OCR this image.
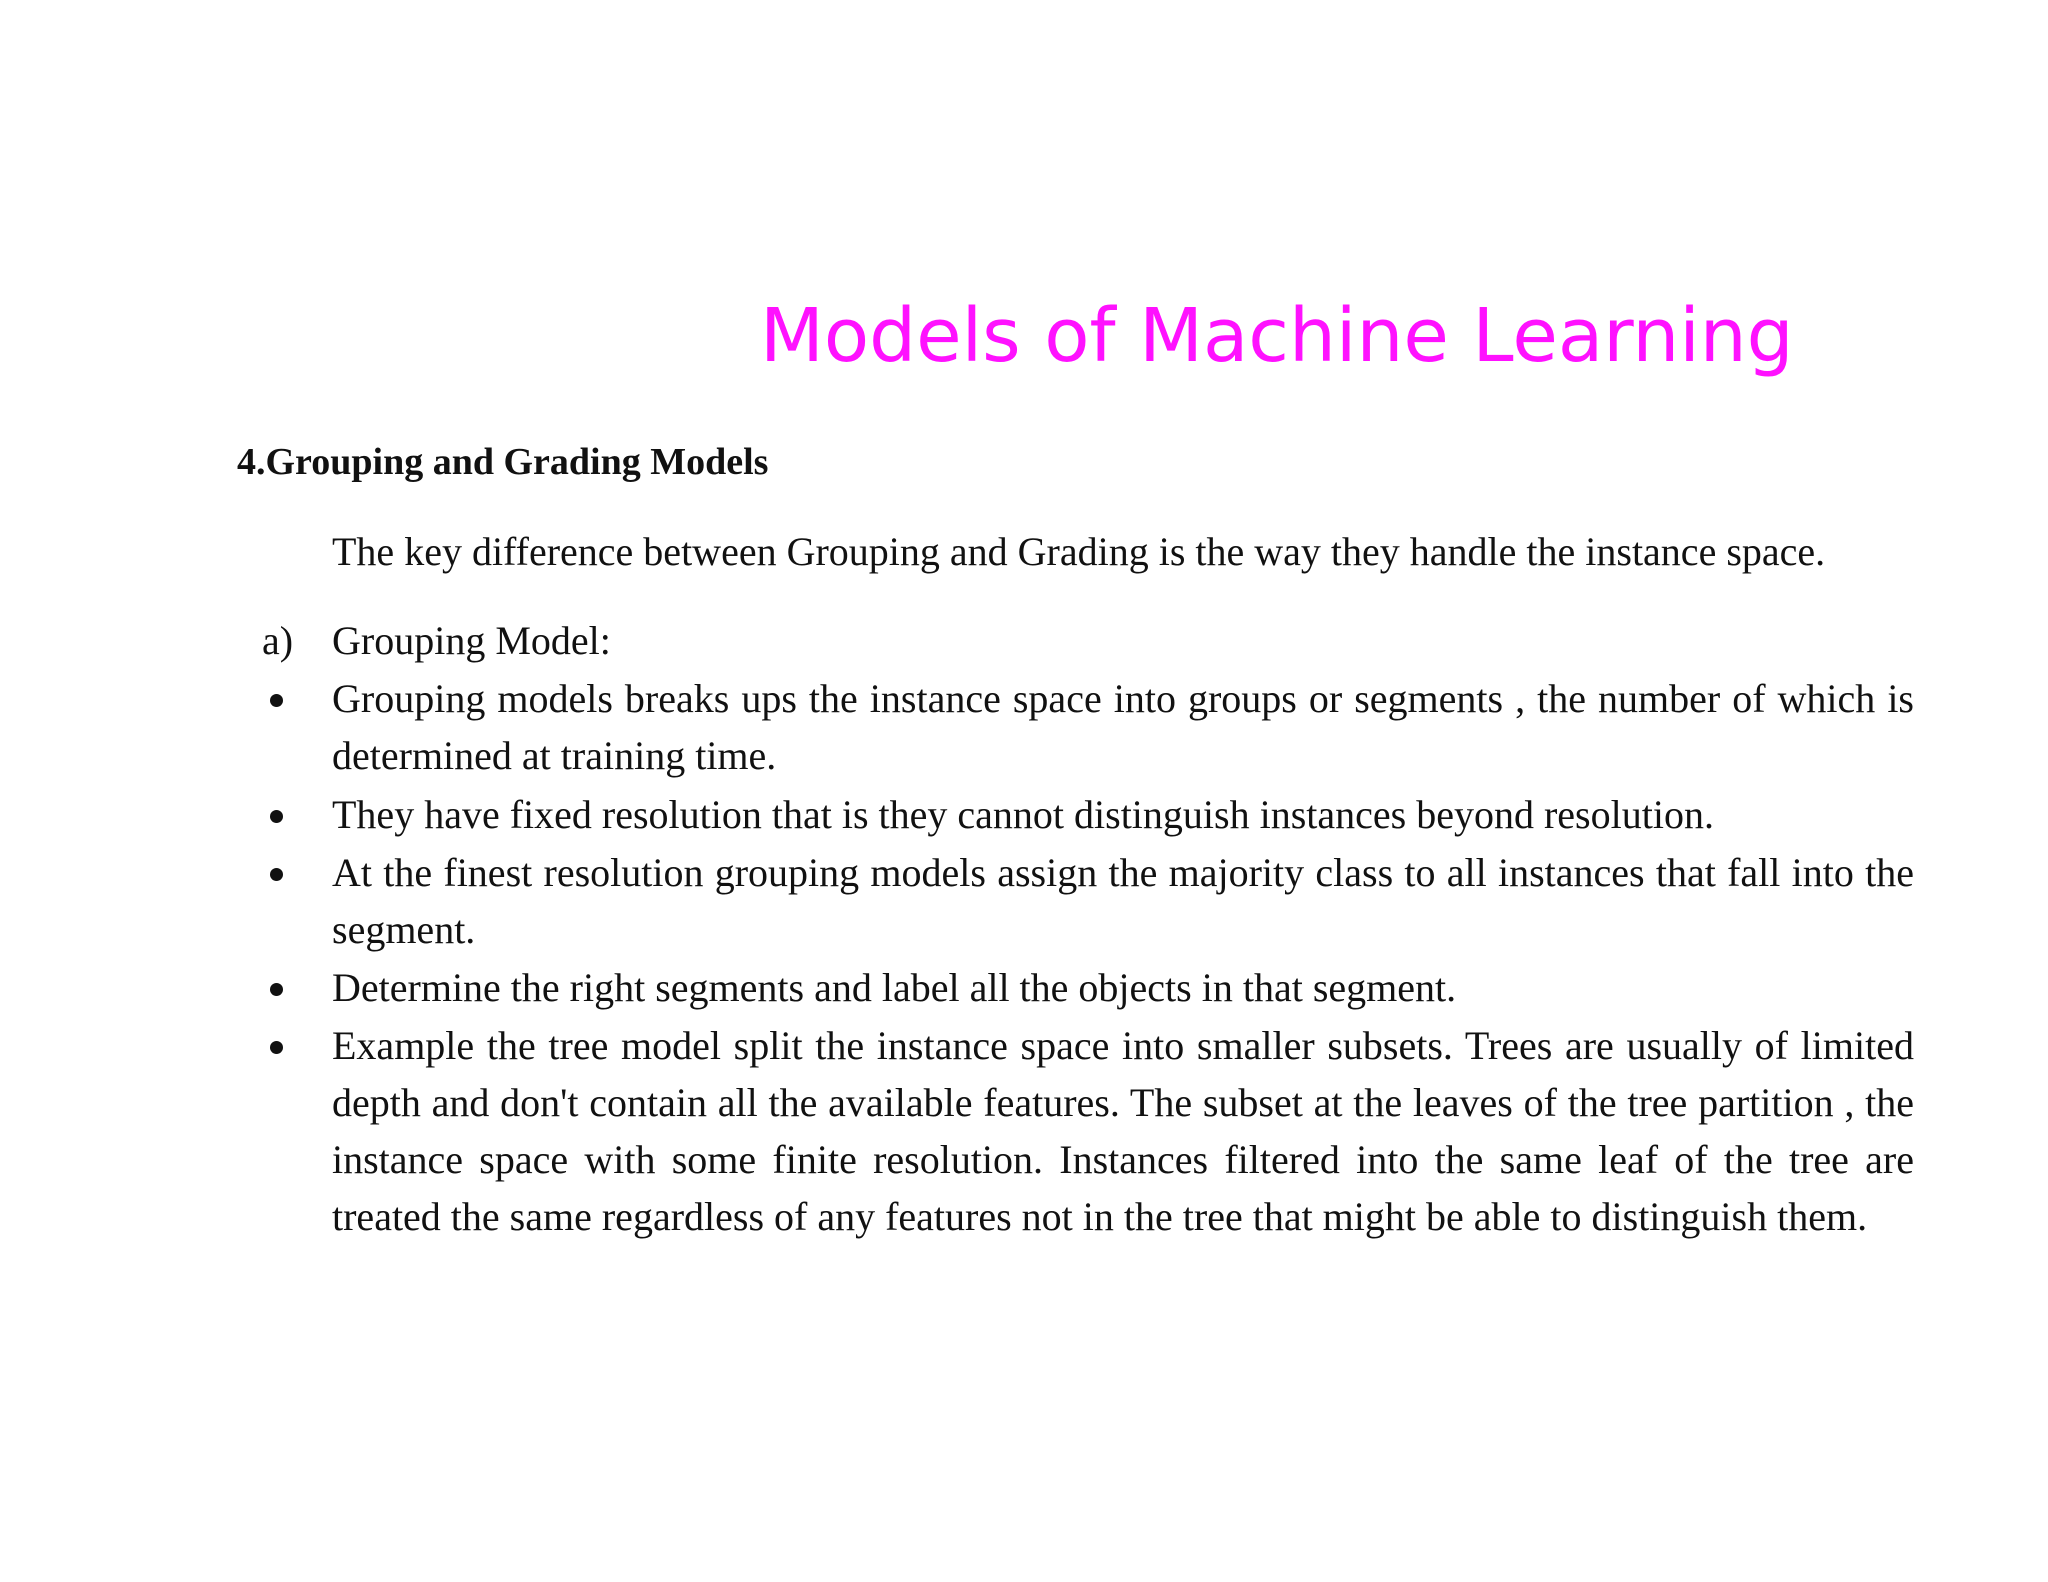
Models of Machine Learning
4.Grouping and Grading Models

The key difference between Grouping and Grading is the way they handle the instance space.

a) Grouping Model:

Grouping models breaks ups the instance space into groups or segments , the number of which is determined at training time.
They have fixed resolution that is they cannot distinguish instances beyond resolution.
At the finest resolution grouping models assign the majority class to all instances that fall into the segment.
Determine the right segments and label all the objects in that segment.
Example the tree model split the instance space into smaller subsets. Trees are usually of limited depth and don't contain all the available features. The subset at the leaves of the tree partition , the instance space with some finite resolution. Instances filtered into the same leaf of the tree are treated the same regardless of any features not in the tree that might be able to distinguish them.
